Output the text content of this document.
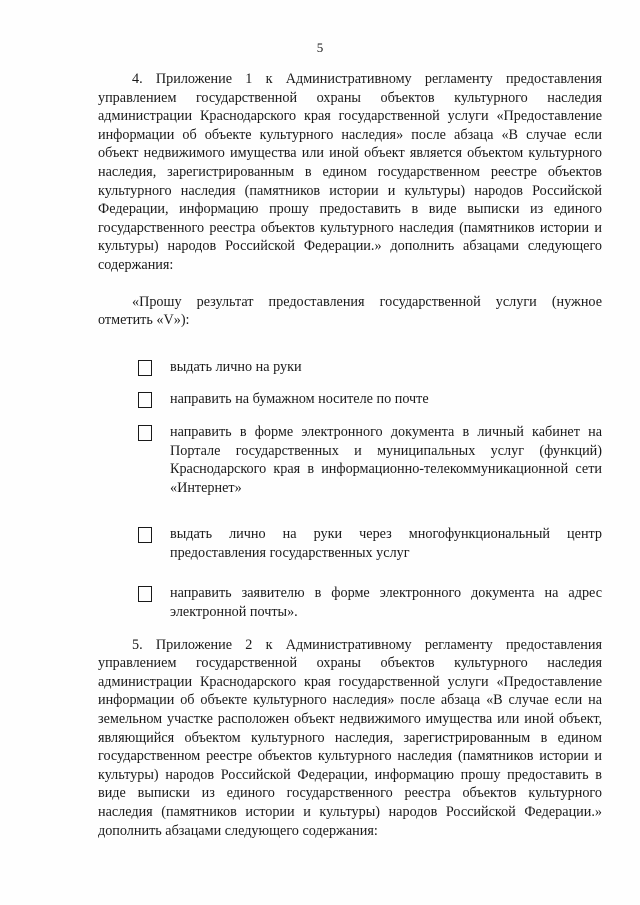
5

4. Приложение 1 к Административному регламенту предоставления управлением государственной охраны объектов культурного наследия администрации Краснодарского края государственной услуги «Предоставление информации об объекте культурного наследия» после абзаца «В случае если объект недвижимого имущества или иной объект является объектом культурного наследия, зарегистрированным в едином государственном реестре объектов культурного наследия (памятников истории и культуры) народов Российской Федерации, информацию прошу предоставить в виде выписки из единого государственного реестра объектов культурного наследия (памятников истории и культуры) народов Российской Федерации.» дополнить абзацами следующего содержания:

«Прошу результат предоставления государственной услуги (нужное отметить «V»):

выдать лично на руки
направить на бумажном носителе по почте
направить в форме электронного документа в личный кабинет на Портале государственных и муниципальных услуг (функций) Краснодарского края в информационно-телекоммуникационной сети «Интернет»
выдать лично на руки через многофункциональный центр предоставления государственных услуг
направить заявителю в форме электронного документа на адрес электронной почты».

5. Приложение 2 к Административному регламенту предоставления управлением государственной охраны объектов культурного наследия администрации Краснодарского края государственной услуги «Предоставление информации об объекте культурного наследия» после абзаца «В случае если на земельном участке расположен объект недвижимого имущества или иной объект, являющийся объектом культурного наследия, зарегистрированным в едином государственном реестре объектов культурного наследия (памятников истории и культуры) народов Российской Федерации, информацию прошу предоставить в виде выписки из единого государственного реестра объектов культурного наследия (памятников истории и культуры) народов Российской Федерации.» дополнить абзацами следующего содержания:
